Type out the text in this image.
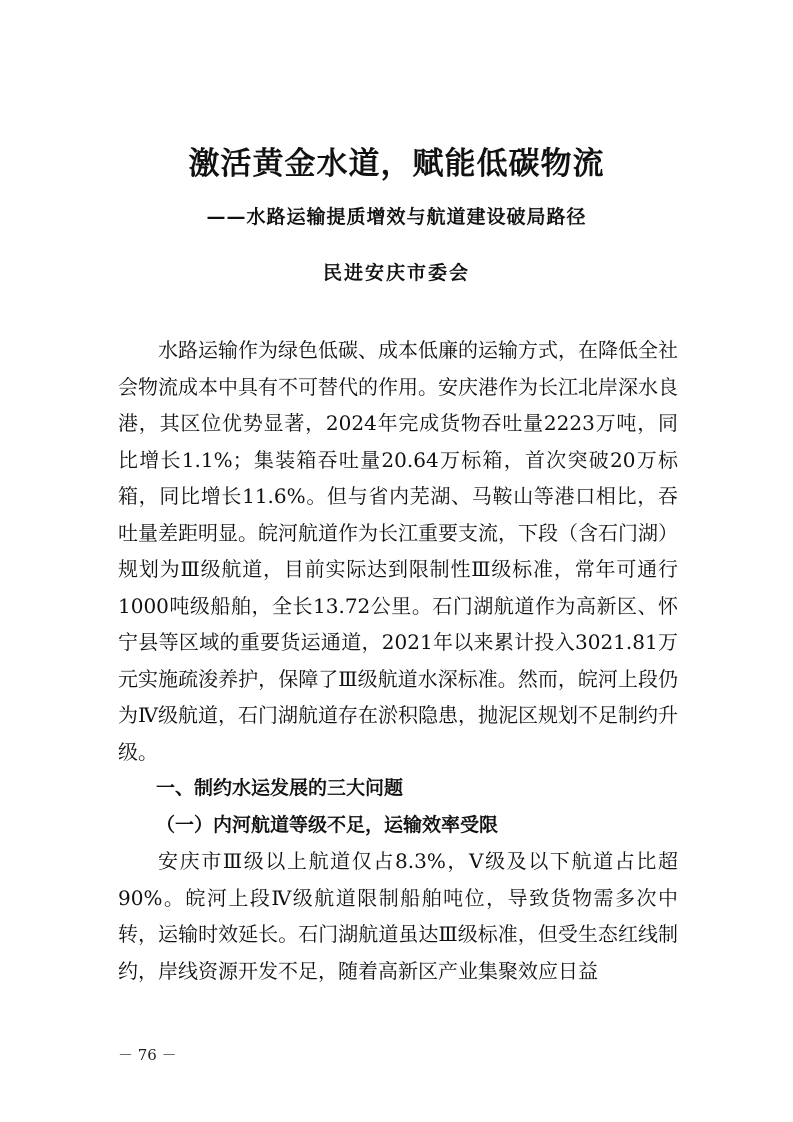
激活黄金水道，赋能低碳物流
——水路运输提质增效与航道建设破局路径
民进安庆市委会

水路运输作为绿色低碳、成本低廉的运输方式，在降低全社会物流成本中具有不可替代的作用。安庆港作为长江北岸深水良港，其区位优势显著，2024年完成货物吞吐量2223万吨，同比增长1.1%；集装箱吞吐量20.64万标箱，首次突破20万标箱，同比增长11.6%。但与省内芜湖、马鞍山等港口相比，吞吐量差距明显。皖河航道作为长江重要支流，下段（含石门湖）规划为Ⅲ级航道，目前实际达到限制性Ⅲ级标准，常年可通行1000吨级船舶，全长13.72公里。石门湖航道作为高新区、怀宁县等区域的重要货运通道，2021年以来累计投入3021.81万元实施疏浚养护，保障了Ⅲ级航道水深标准。然而，皖河上段仍为Ⅳ级航道，石门湖航道存在淤积隐患，抛泥区规划不足制约升级。

一、制约水运发展的三大问题

（一）内河航道等级不足，运输效率受限

安庆市Ⅲ级以上航道仅占8.3%，Ⅴ级及以下航道占比超90%。皖河上段Ⅳ级航道限制船舶吨位，导致货物需多次中转，运输时效延长。石门湖航道虽达Ⅲ级标准，但受生态红线制约，岸线资源开发不足，随着高新区产业集聚效应日益

－ 76 －
